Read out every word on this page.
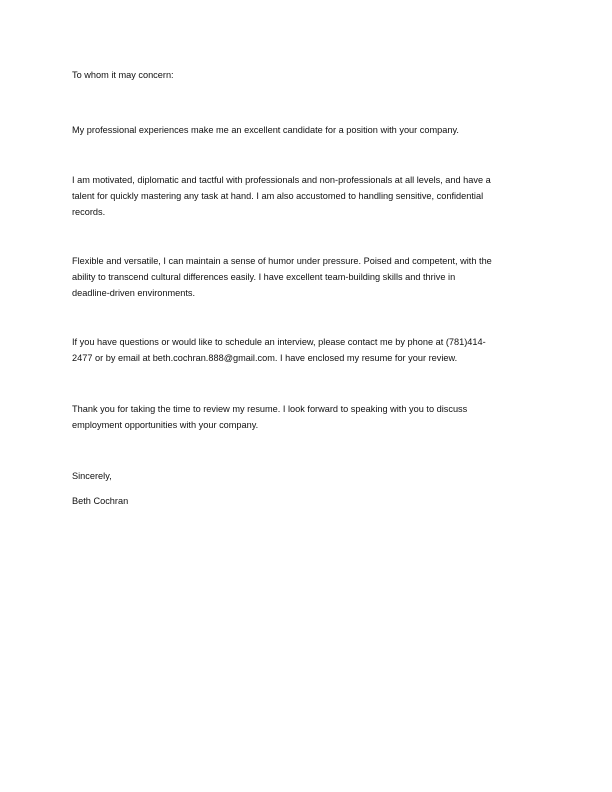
To whom it may concern:
My professional experiences make me an excellent candidate for a position with your company.
I am motivated, diplomatic and tactful with professionals and non-professionals at all levels, and have a
talent for quickly mastering any task at hand. I am also accustomed to handling sensitive, confidential
records.
Flexible and versatile, I can maintain a sense of humor under pressure. Poised and competent, with the
ability to transcend cultural differences easily. I have excellent team-building skills and thrive in
deadline-driven environments.
If you have questions or would like to schedule an interview, please contact me by phone at (781)414-
2477 or by email at beth.cochran.888@gmail.com. I have enclosed my resume for your review.
Thank you for taking the time to review my resume. I look forward to speaking with you to discuss
employment opportunities with your company.
Sincerely,
Beth Cochran
